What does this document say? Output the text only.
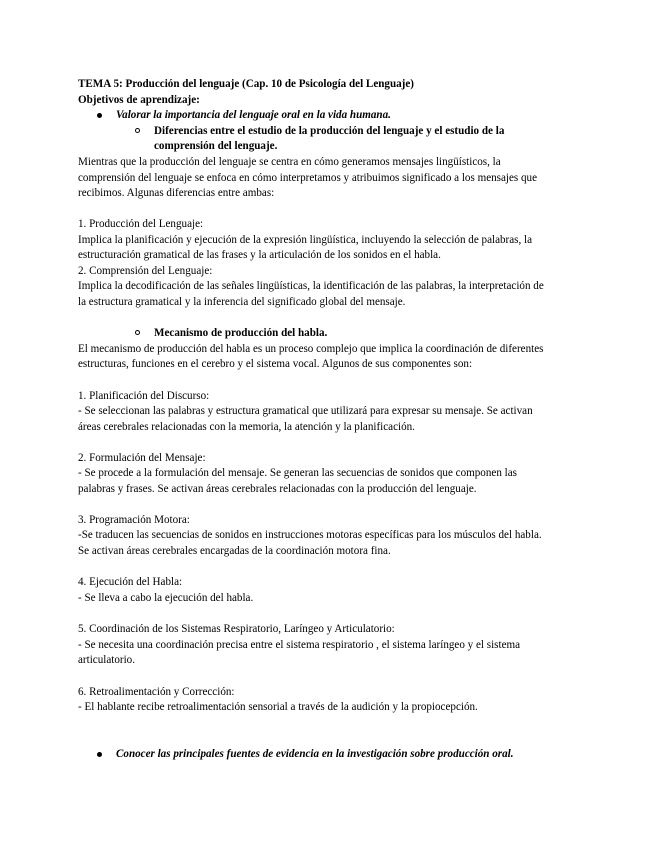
TEMA 5: Producción del lenguaje (Cap. 10 de Psicología del Lenguaje)
Objetivos de aprendizaje:
Valorar la importancia del lenguaje oral en la vida humana.
Diferencias entre el estudio de la producción del lenguaje y el estudio de la
comprensión del lenguaje.
Mientras que la producción del lenguaje se centra en cómo generamos mensajes lingüísticos, la
comprensión del lenguaje se enfoca en cómo interpretamos y atribuimos significado a los mensajes que
recibimos. Algunas diferencias entre ambas:
1. Producción del Lenguaje:
Implica la planificación y ejecución de la expresión lingüística, incluyendo la selección de palabras, la
estructuración gramatical de las frases y la articulación de los sonidos en el habla.
2. Comprensión del Lenguaje:
Implica la decodificación de las señales lingüísticas, la identificación de las palabras, la interpretación de
la estructura gramatical y la inferencia del significado global del mensaje.
Mecanismo de producción del habla.
El mecanismo de producción del habla es un proceso complejo que implica la coordinación de diferentes
estructuras, funciones en el cerebro y el sistema vocal. Algunos de sus componentes son:
1. Planificación del Discurso:
- Se seleccionan las palabras y estructura gramatical que utilizará para expresar su mensaje. Se activan
áreas cerebrales relacionadas con la memoria, la atención y la planificación.
2. Formulación del Mensaje:
- Se procede a la formulación del mensaje. Se generan las secuencias de sonidos que componen las
palabras y frases. Se activan áreas cerebrales relacionadas con la producción del lenguaje.
3. Programación Motora:
-Se traducen las secuencias de sonidos en instrucciones motoras específicas para los músculos del habla.
Se activan áreas cerebrales encargadas de la coordinación motora fina.
4. Ejecución del Habla:
- Se lleva a cabo la ejecución del habla.
5. Coordinación de los Sistemas Respiratorio, Laríngeo y Articulatorio:
- Se necesita una coordinación precisa entre el sistema respiratorio , el sistema laríngeo y el sistema
articulatorio.
6. Retroalimentación y Corrección:
- El hablante recibe retroalimentación sensorial a través de la audición y la propiocepción.
Conocer las principales fuentes de evidencia en la investigación sobre producción oral.
